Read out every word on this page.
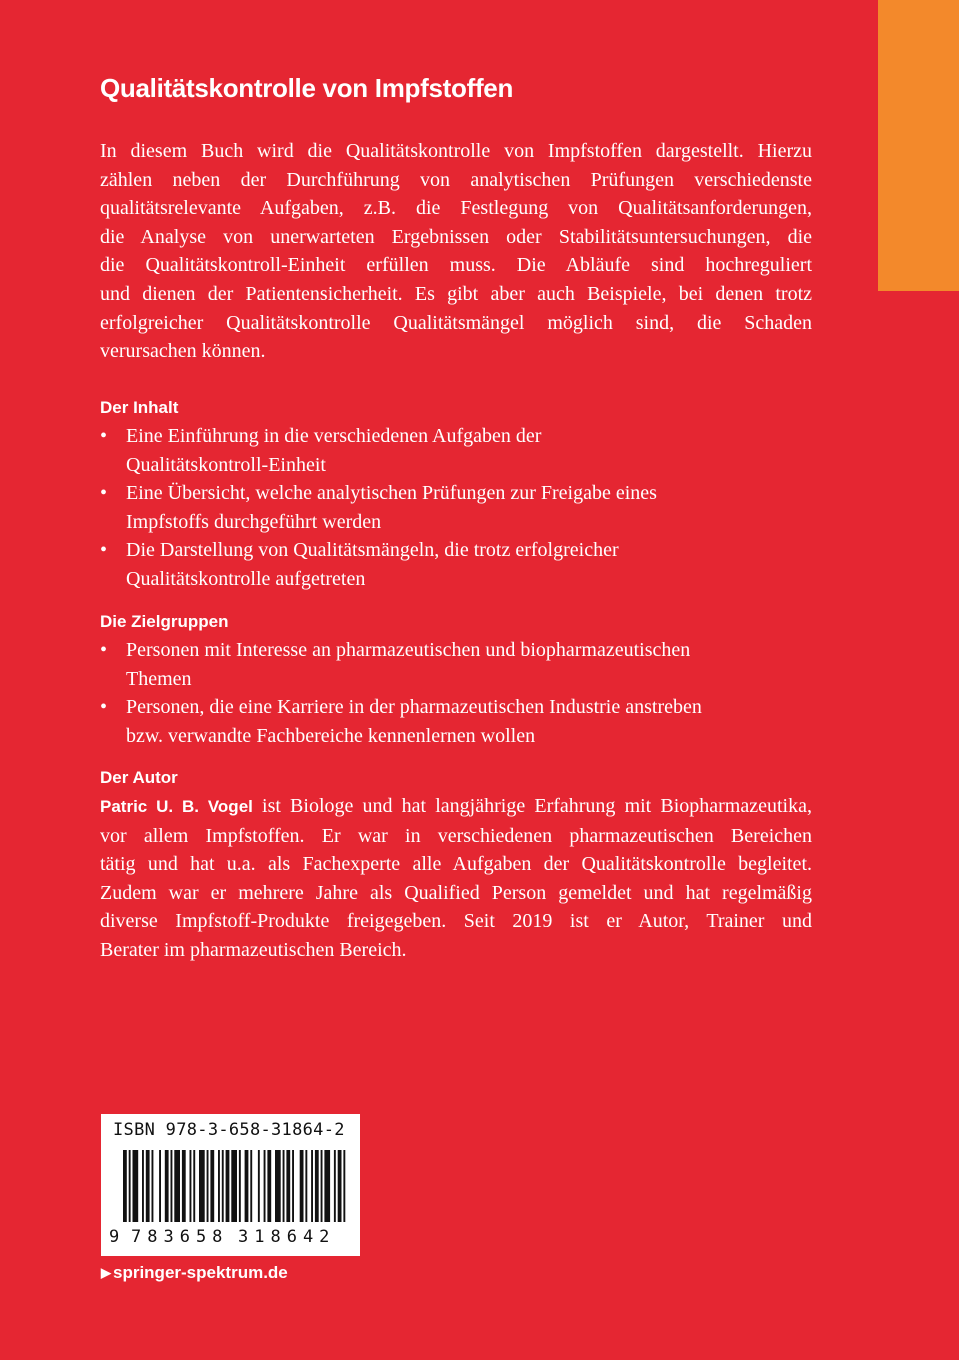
Qualitätskontrolle von Impfstoffen
In diesem Buch wird die Qualitätskontrolle von Impfstoffen dargestellt. Hierzu
zählen neben der Durchführung von analytischen Prüfungen verschiedenste
qualitätsrelevante Aufgaben, z.B. die Festlegung von Qualitätsanforderungen,
die Analyse von unerwarteten Ergebnissen oder Stabilitätsuntersuchungen, die
die Qualitätskontroll-Einheit erfüllen muss. Die Abläufe sind hochreguliert
und dienen der Patientensicherheit. Es gibt aber auch Beispiele, bei denen trotz
erfolgreicher Qualitätskontrolle Qualitätsmängel möglich sind, die Schaden
verursachen können.
Der Inhalt
• Eine Einführung in die verschiedenen Aufgaben der
Qualitätskontroll-Einheit
• Eine Übersicht, welche analytischen Prüfungen zur Freigabe eines
Impfstoffs durchgeführt werden
• Die Darstellung von Qualitätsmängeln, die trotz erfolgreicher
Qualitätskontrolle aufgetreten
Die Zielgruppen
• Personen mit Interesse an pharmazeutischen und biopharmazeutischen
Themen
• Personen, die eine Karriere in der pharmazeutischen Industrie anstreben
bzw. verwandte Fachbereiche kennenlernen wollen
Der Autor
Patric U. B. Vogel ist Biologe und hat langjährige Erfahrung mit Biopharmazeutika,
vor allem Impfstoffen. Er war in verschiedenen pharmazeutischen Bereichen
tätig und hat u.a. als Fachexperte alle Aufgaben der Qualitätskontrolle begleitet.
Zudem war er mehrere Jahre als Qualified Person gemeldet und hat regelmäßig
diverse Impfstoff-Produkte freigegeben. Seit 2019 ist er Autor, Trainer und
Berater im pharmazeutischen Bereich.
ISBN 978-3-658-31864-2
9 783658 318642
▶ springer-spektrum.de
